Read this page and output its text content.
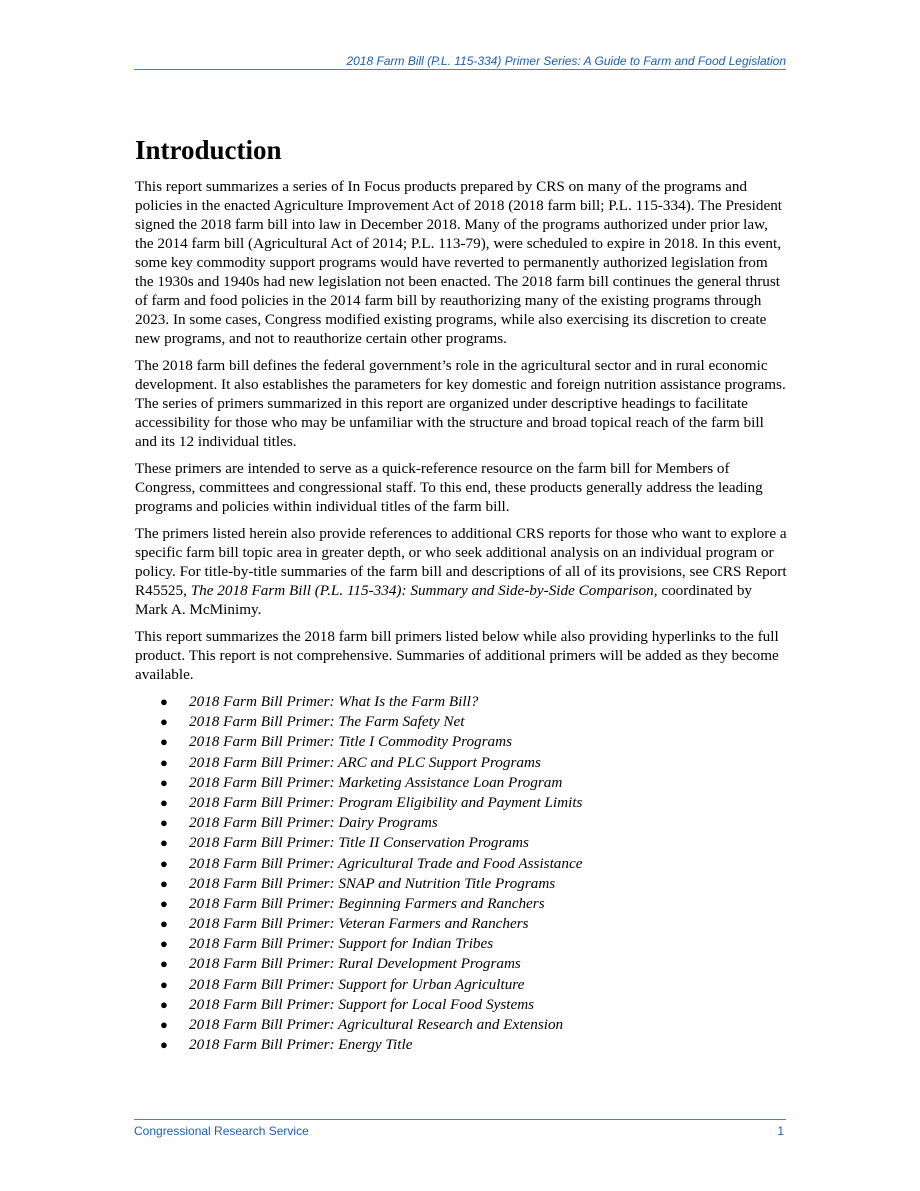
2018 Farm Bill (P.L. 115-334) Primer Series: A Guide to Farm and Food Legislation
Introduction

This report summarizes a series of In Focus products prepared by CRS on many of the programs and policies in the enacted Agriculture Improvement Act of 2018 (2018 farm bill; P.L. 115-334). The President signed the 2018 farm bill into law in December 2018. Many of the programs authorized under prior law, the 2014 farm bill (Agricultural Act of 2014; P.L. 113-79), were scheduled to expire in 2018. In this event, some key commodity support programs would have reverted to permanently authorized legislation from the 1930s and 1940s had new legislation not been enacted. The 2018 farm bill continues the general thrust of farm and food policies in the 2014 farm bill by reauthorizing many of the existing programs through 2023. In some cases, Congress modified existing programs, while also exercising its discretion to create new programs, and not to reauthorize certain other programs.

The 2018 farm bill defines the federal government’s role in the agricultural sector and in rural economic development. It also establishes the parameters for key domestic and foreign nutrition assistance programs. The series of primers summarized in this report are organized under descriptive headings to facilitate accessibility for those who may be unfamiliar with the structure and broad topical reach of the farm bill and its 12 individual titles.

These primers are intended to serve as a quick-reference resource on the farm bill for Members of Congress, committees and congressional staff. To this end, these products generally address the leading programs and policies within individual titles of the farm bill.

The primers listed herein also provide references to additional CRS reports for those who want to explore a specific farm bill topic area in greater depth, or who seek additional analysis on an individual program or policy. For title-by-title summaries of the farm bill and descriptions of all of its provisions, see CRS Report R45525, The 2018 Farm Bill (P.L. 115-334): Summary and Side-by-Side Comparison, coordinated by Mark A. McMinimy.

This report summarizes the 2018 farm bill primers listed below while also providing hyperlinks to the full product. This report is not comprehensive. Summaries of additional primers will be added as they become available.

● 2018 Farm Bill Primer: What Is the Farm Bill?
● 2018 Farm Bill Primer: The Farm Safety Net
● 2018 Farm Bill Primer: Title I Commodity Programs
● 2018 Farm Bill Primer: ARC and PLC Support Programs
● 2018 Farm Bill Primer: Marketing Assistance Loan Program
● 2018 Farm Bill Primer: Program Eligibility and Payment Limits
● 2018 Farm Bill Primer: Dairy Programs
● 2018 Farm Bill Primer: Title II Conservation Programs
● 2018 Farm Bill Primer: Agricultural Trade and Food Assistance
● 2018 Farm Bill Primer: SNAP and Nutrition Title Programs
● 2018 Farm Bill Primer: Beginning Farmers and Ranchers
● 2018 Farm Bill Primer: Veteran Farmers and Ranchers
● 2018 Farm Bill Primer: Support for Indian Tribes
● 2018 Farm Bill Primer: Rural Development Programs
● 2018 Farm Bill Primer: Support for Urban Agriculture
● 2018 Farm Bill Primer: Support for Local Food Systems
● 2018 Farm Bill Primer: Agricultural Research and Extension
● 2018 Farm Bill Primer: Energy Title
Congressional Research Service	1
